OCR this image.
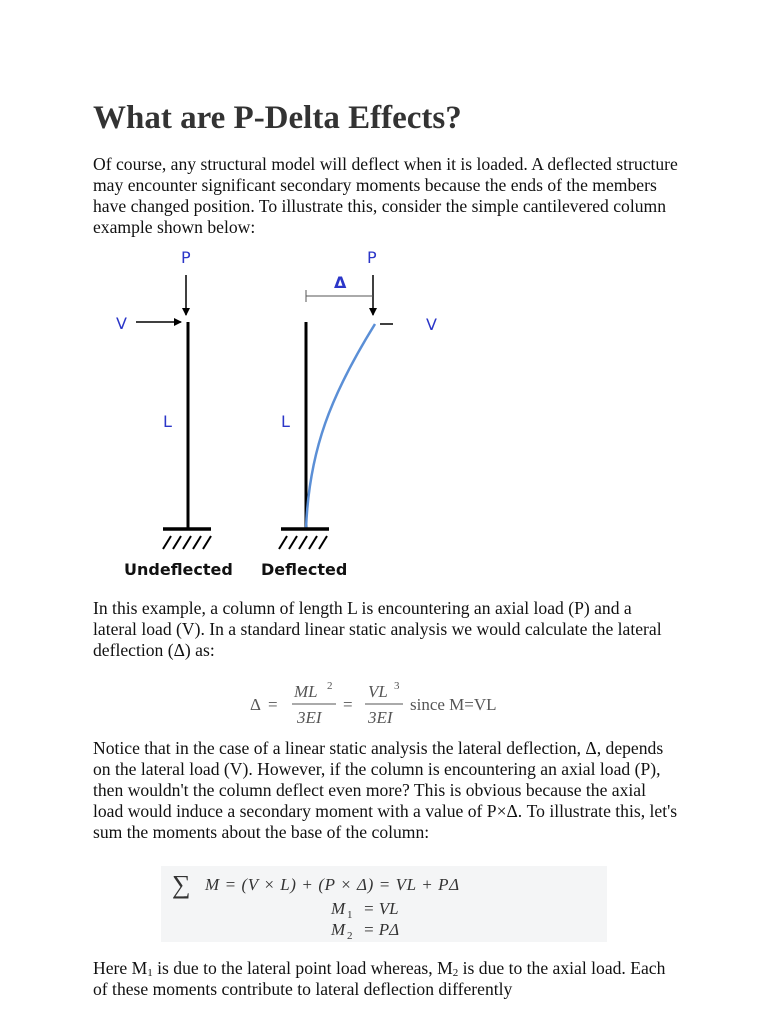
What are P-Delta Effects?

Of course, any structural model will deflect when it is loaded. A deflected structure may encounter significant secondary moments because the ends of the members have changed position. To illustrate this, consider the simple cantilevered column example shown below:

P
V
L
Undeflected
P
Δ
L
Deflected
V

In this example, a column of length L is encountering an axial load (P) and a lateral load (V). In a standard linear static analysis we would calculate the lateral deflection (Δ) as:

Δ =
ML 2
3EI
=
VL 3
3EI
since M=VL

Notice that in the case of a linear static analysis the lateral deflection, Δ, depends on the lateral load (V). However, if the column is encountering an axial load (P), then wouldn't the column deflect even more? This is obvious because the axial load would induce a secondary moment with a value of P×Δ. To illustrate this, let's sum the moments about the base of the column:

∑ M = (V × L) + (P × Δ) = VL + PΔ
M 1 = VL
M 2 = PΔ

Here $M_1$ is due to the lateral point load whereas, $M_2$ is due to the axial load. Each of these moments contribute to lateral deflection differently
